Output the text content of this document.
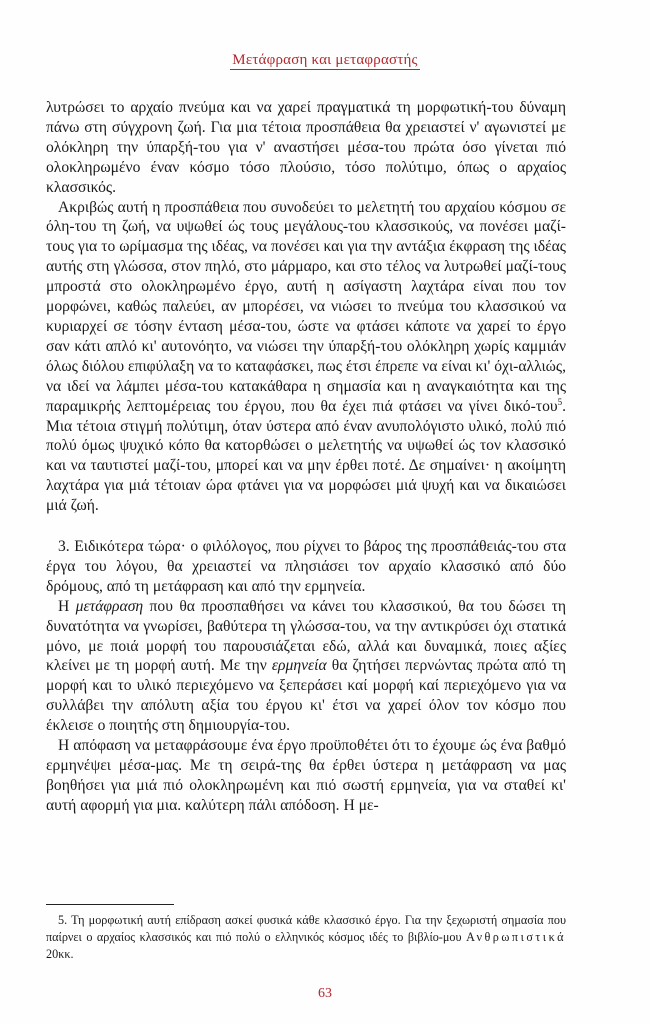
Μετάφραση και μεταφραστής

λυτρώσει το αρχαίο πνεύμα και να χαρεί πραγματικά τη μορφωτική-του δύναμη πάνω στη σύγχρονη ζωή. Για μια τέτοια προσπάθεια θα χρειαστεί ν' αγωνιστεί με ολόκληρη την ύπαρξή-του για ν' αναστήσει μέσα-του πρώτα όσο γίνεται πιό ολοκληρωμένο έναν κόσμο τόσο πλούσιο, τόσο πολύτιμο, όπως ο αρχαίος κλασσικός.

Ακριβώς αυτή η προσπάθεια που συνοδεύει το μελετητή του αρχαίου κόσμου σε όλη-του τη ζωή, να υψωθεί ώς τους μεγάλους-του κλασσικούς, να πονέσει μαζί-τους για το ωρίμασμα της ιδέας, να πονέσει και για την αντάξια έκφραση της ιδέας αυτής στη γλώσσα, στον πηλό, στο μάρμαρο, και στο τέλος να λυτρωθεί μαζί-τους μπροστά στο ολοκληρωμένο έργο, αυτή η ασίγαστη λαχτάρα είναι που τον μορφώνει, καθώς παλεύει, αν μπορέσει, να νιώσει το πνεύμα του κλασσικού να κυριαρχεί σε τόσην ένταση μέσα-του, ώστε να φτάσει κάποτε να χαρεί το έργο σαν κάτι απλό κι' αυτονόητο, να νιώσει την ύπαρξή-του ολόκληρη χωρίς καμμιάν όλως διόλου επιφύλαξη να το καταφάσκει, πως έτσι έπρεπε να είναι κι' όχι-αλλιώς, να ιδεί να λάμπει μέσα-του κατακάθαρα η σημασία και η αναγκαιότητα και της παραμικρής λεπτομέρειας του έργου, που θα έχει πιά φτάσει να γίνει δικό-του$^5$. Μια τέτοια στιγμή πολύτιμη, όταν ύστερα από έναν ανυπολόγιστο υλικό, πολύ πιό πολύ όμως ψυχικό κόπο θα κατορθώσει ο μελετητής να υψωθεί ώς τον κλασσικό και να ταυτιστεί μαζί-του, μπορεί και να μην έρθει ποτέ. Δε σημαίνει· η ακοίμητη λαχτάρα για μιά τέτοιαν ώρα φτάνει για να μορφώσει μιά ψυχή και να δικαιώσει μιά ζωή.

3. Ειδικότερα τώρα· ο φιλόλογος, που ρίχνει το βάρος της προσπάθειάς-του στα έργα του λόγου, θα χρειαστεί να πλησιάσει τον αρχαίο κλασσικό από δύο δρόμους, από τη μετάφραση και από την ερμηνεία.

Η μετάφραση που θα προσπαθήσει να κάνει του κλασσικού, θα του δώσει τη δυνατότητα να γνωρίσει, βαθύτερα τη γλώσσα-του, να την αντικρύσει όχι στατικά μόνο, με ποιά μορφή του παρουσιάζεται εδώ, αλλά και δυναμικά, ποιες αξίες κλείνει με τη μορφή αυτή. Με την ερμηνεία θα ζητήσει περνώντας πρώτα από τη μορφή και το υλικό περιεχόμενο να ξεπεράσει καί μορφή καί περιεχόμενο για να συλλάβει την απόλυτη αξία του έργου κι' έτσι να χαρεί όλον τον κόσμο που έκλεισε ο ποιητής στη δημιουργία-του.

Η απόφαση να μεταφράσουμε ένα έργο προϋποθέτει ότι το έχουμε ώς ένα βαθμό ερμηνέψει μέσα-μας. Με τη σειρά-της θα έρθει ύστερα η μετάφραση να μας βοηθήσει για μιά πιό ολοκληρωμένη και πιό σωστή ερμηνεία, για να σταθεί κι' αυτή αφορμή για μια. καλύτερη πάλι απόδοση. Η με-

5. Τη μορφωτική αυτή επίδραση ασκεί φυσικά κάθε κλασσικό έργο. Για την ξεχωριστή σημασία που παίρνει ο αρχαίος κλασσικός και πιό πολύ ο ελληνικός κόσμος ιδές το βιβλίο-μου Ανθρωπιστικά 20κκ.

63
